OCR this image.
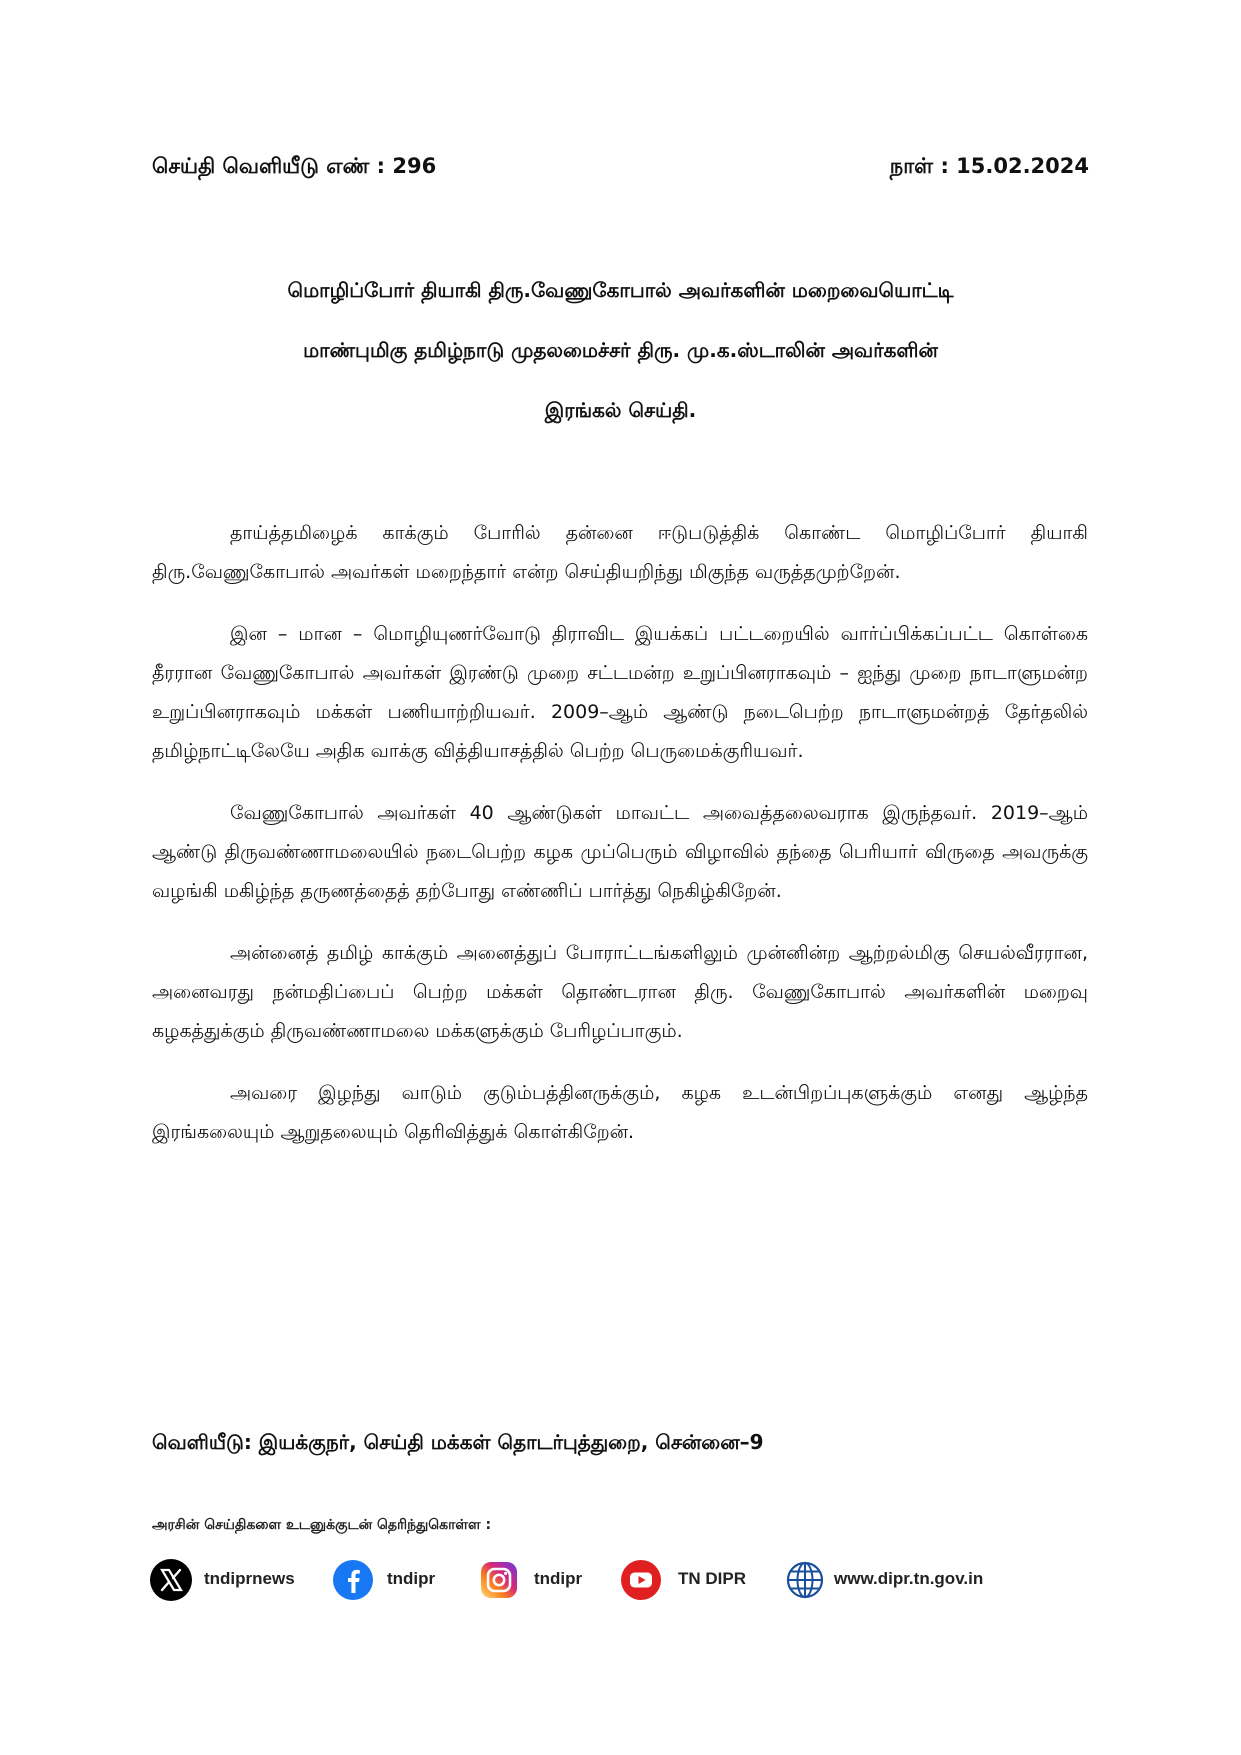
செய்தி வெளியீடு எண் : 296	நாள் : 15.02.2024
மொழிப்போர் தியாகி திரு.வேணுகோபால் அவர்களின் மறைவையொட்டி
மாண்புமிகு தமிழ்நாடு முதலமைச்சர் திரு. மு.க.ஸ்டாலின் அவர்களின்
இரங்கல் செய்தி.

தாய்த்தமிழைக் காக்கும் போரில் தன்னை ஈடுபடுத்திக் கொண்ட மொழிப்போர் தியாகி திரு.வேணுகோபால் அவர்கள் மறைந்தார் என்ற செய்தியறிந்து மிகுந்த வருத்தமுற்றேன்.

இன – மான – மொழியுணர்வோடு திராவிட இயக்கப் பட்டறையில் வார்ப்பிக்கப்பட்ட கொள்கை தீரரான வேணுகோபால் அவர்கள் இரண்டு முறை சட்டமன்ற உறுப்பினராகவும் – ஐந்து முறை நாடாளுமன்ற உறுப்பினராகவும் மக்கள் பணியாற்றியவர். 2009–ஆம் ஆண்டு நடைபெற்ற நாடாளுமன்றத் தேர்தலில் தமிழ்நாட்டிலேயே அதிக வாக்கு வித்தியாசத்தில் பெற்ற பெருமைக்குரியவர்.

வேணுகோபால் அவர்கள் 40 ஆண்டுகள் மாவட்ட அவைத்தலைவராக இருந்தவர். 2019–ஆம் ஆண்டு திருவண்ணாமலையில் நடைபெற்ற கழக முப்பெரும் விழாவில் தந்தை பெரியார் விருதை அவருக்கு வழங்கி மகிழ்ந்த தருணத்தைத் தற்போது எண்ணிப் பார்த்து நெகிழ்கிறேன்.

அன்னைத் தமிழ் காக்கும் அனைத்துப் போராட்டங்களிலும் முன்னின்ற ஆற்றல்மிகு செயல்வீரரான, அனைவரது நன்மதிப்பைப் பெற்ற மக்கள் தொண்டரான திரு. வேணுகோபால் அவர்களின் மறைவு கழகத்துக்கும் திருவண்ணாமலை மக்களுக்கும் பேரிழப்பாகும்.

அவரை இழந்து வாடும் குடும்பத்தினருக்கும், கழக உடன்பிறப்புகளுக்கும் எனது ஆழ்ந்த இரங்கலையும் ஆறுதலையும் தெரிவித்துக் கொள்கிறேன்.

வெளியீடு: இயக்குநர், செய்தி மக்கள் தொடர்புத்துறை, சென்னை–9
அரசின் செய்திகளை உடனுக்குடன் தெரிந்துகொள்ள :
tndiprnews	tndipr	tndipr	TN DIPR	www.dipr.tn.gov.in
